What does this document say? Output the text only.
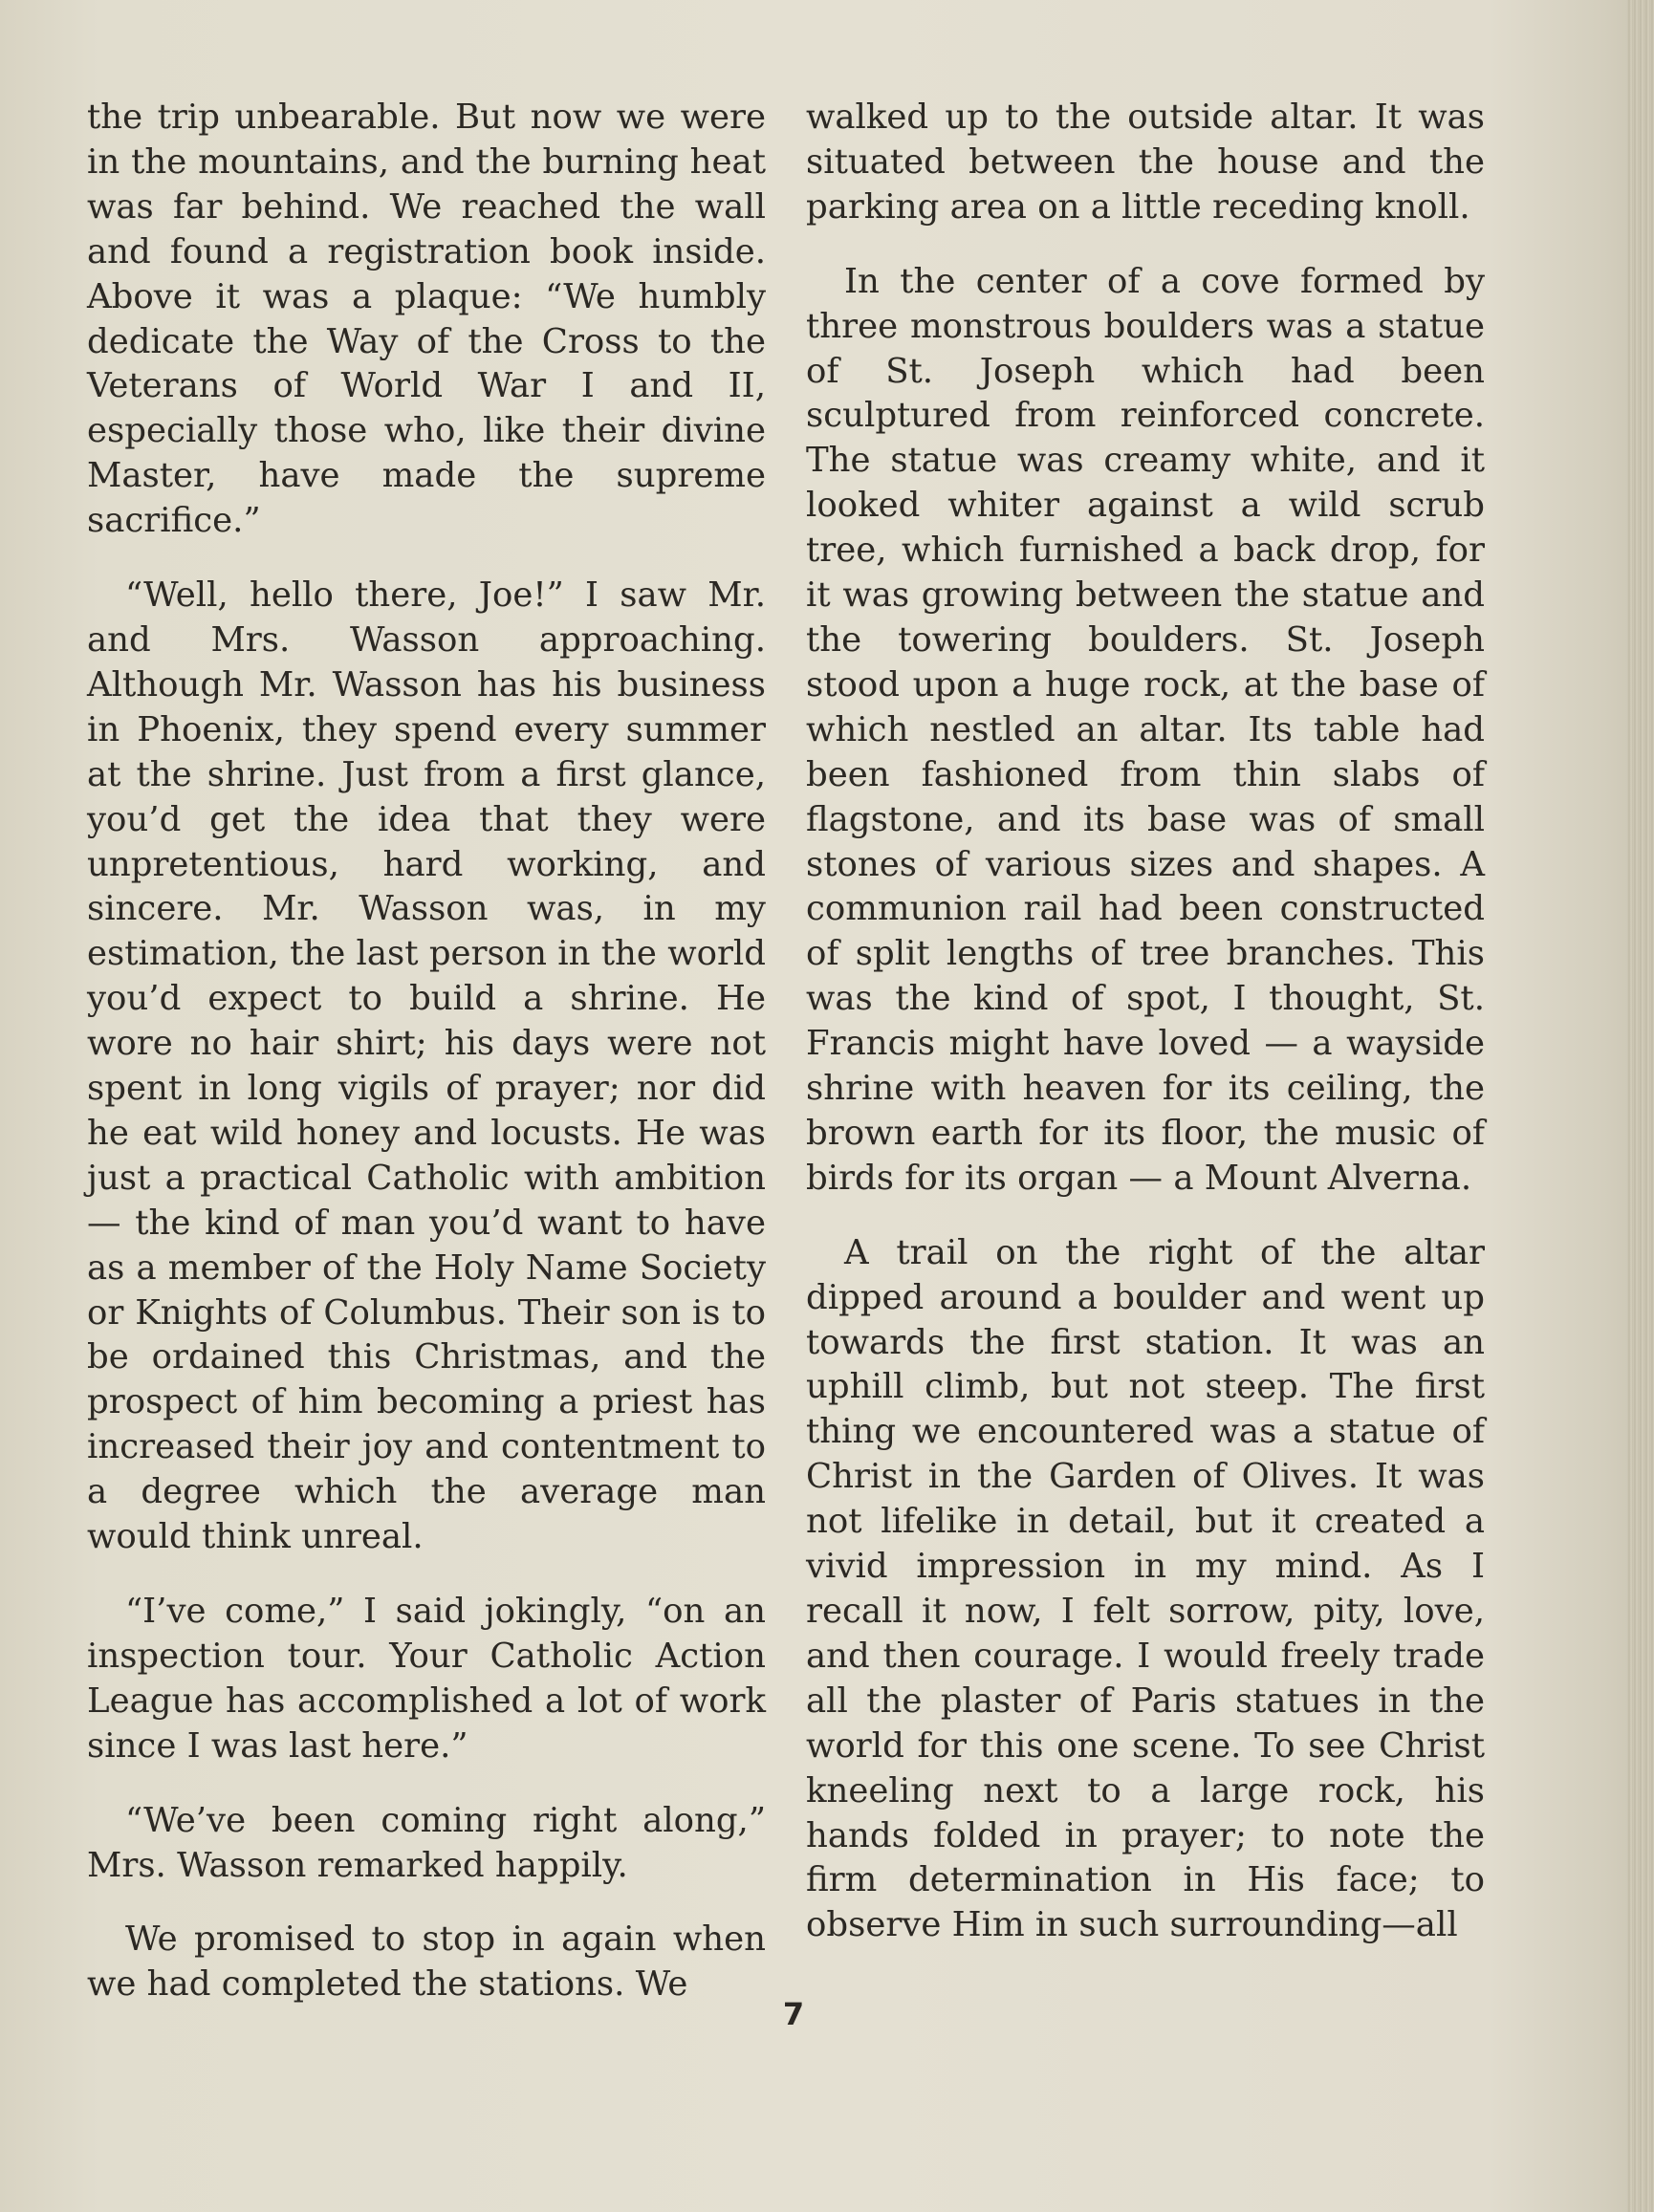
the trip unbearable. But now we were in the mountains, and the burning heat was far behind. We reached the wall and found a registration book inside. Above it was a plaque: “We humbly dedicate the Way of the Cross to the Veterans of World War I and II, especially those who, like their divine Master, have made the supreme sacrifice.”

“Well, hello there, Joe!” I saw Mr. and Mrs. Wasson approaching. Although Mr. Wasson has his business in Phoenix, they spend every summer at the shrine. Just from a first glance, you’d get the idea that they were unpretentious, hard working, and sincere. Mr. Wasson was, in my estimation, the last person in the world you’d expect to build a shrine. He wore no hair shirt; his days were not spent in long vigils of prayer; nor did he eat wild honey and locusts. He was just a practical Catholic with ambition — the kind of man you’d want to have as a member of the Holy Name Society or Knights of Columbus. Their son is to be ordained this Christmas, and the prospect of him becoming a priest has increased their joy and contentment to a degree which the average man would think unreal.

“I’ve come,” I said jokingly, “on an inspection tour. Your Catholic Action League has accomplished a lot of work since I was last here.”

“We’ve been coming right along,” Mrs. Wasson remarked happily.

We promised to stop in again when we had completed the stations. We

walked up to the outside altar. It was situated between the house and the parking area on a little receding knoll.

In the center of a cove formed by three monstrous boulders was a statue of St. Joseph which had been sculptured from reinforced concrete. The statue was creamy white, and it looked whiter against a wild scrub tree, which furnished a back drop, for it was growing between the statue and the towering boulders. St. Joseph stood upon a huge rock, at the base of which nestled an altar. Its table had been fashioned from thin slabs of flagstone, and its base was of small stones of various sizes and shapes. A communion rail had been constructed of split lengths of tree branches. This was the kind of spot, I thought, St. Francis might have loved — a wayside shrine with heaven for its ceiling, the brown earth for its floor, the music of birds for its organ — a Mount Alverna.

A trail on the right of the altar dipped around a boulder and went up towards the first station. It was an uphill climb, but not steep. The first thing we encountered was a statue of Christ in the Garden of Olives. It was not lifelike in detail, but it created a vivid impression in my mind. As I recall it now, I felt sorrow, pity, love, and then courage. I would freely trade all the plaster of Paris statues in the world for this one scene. To see Christ kneeling next to a large rock, his hands folded in prayer; to note the firm determination in His face; to observe Him in such surrounding—all

7
